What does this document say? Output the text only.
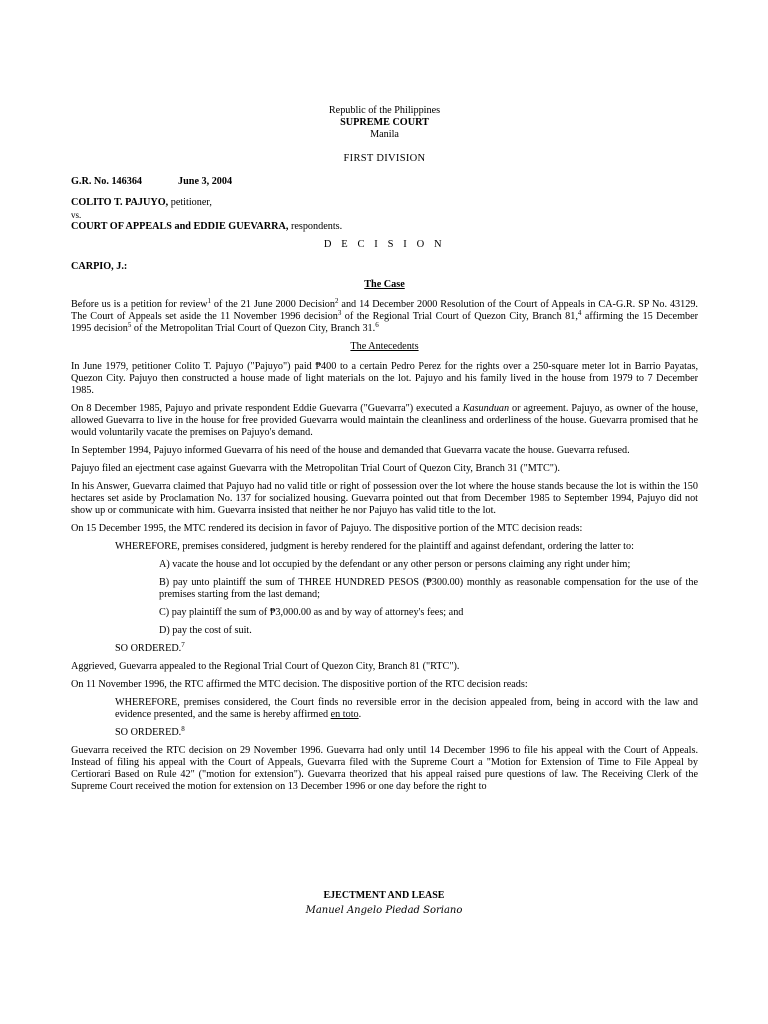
Republic of the Philippines

SUPREME COURT

Manila

FIRST DIVISION

G.R. No. 146364	June 3, 2004

COLITO T. PAJUYO, petitioner,

vs.

COURT OF APPEALS and EDDIE GUEVARRA, respondents.

D E C I S I O N

CARPIO, J.:

The Case

Before us is a petition for review$^1$ of the 21 June 2000 Decision$^2$ and 14 December 2000 Resolution of the Court of Appeals in CA-G.R. SP No. 43129. The Court of Appeals set aside the 11 November 1996 decision$^3$ of the Regional Trial Court of Quezon City, Branch 81,$^4$ affirming the 15 December 1995 decision$^5$ of the Metropolitan Trial Court of Quezon City, Branch 31.$^6$

The Antecedents

In June 1979, petitioner Colito T. Pajuyo ("Pajuyo") paid ₱400 to a certain Pedro Perez for the rights over a 250-square meter lot in Barrio Payatas, Quezon City. Pajuyo then constructed a house made of light materials on the lot. Pajuyo and his family lived in the house from 1979 to 7 December 1985.

On 8 December 1985, Pajuyo and private respondent Eddie Guevarra ("Guevarra") executed a Kasunduan or agreement. Pajuyo, as owner of the house, allowed Guevarra to live in the house for free provided Guevarra would maintain the cleanliness and orderliness of the house. Guevarra promised that he would voluntarily vacate the premises on Pajuyo's demand.

In September 1994, Pajuyo informed Guevarra of his need of the house and demanded that Guevarra vacate the house. Guevarra refused.

Pajuyo filed an ejectment case against Guevarra with the Metropolitan Trial Court of Quezon City, Branch 31 ("MTC").

In his Answer, Guevarra claimed that Pajuyo had no valid title or right of possession over the lot where the house stands because the lot is within the 150 hectares set aside by Proclamation No. 137 for socialized housing. Guevarra pointed out that from December 1985 to September 1994, Pajuyo did not show up or communicate with him. Guevarra insisted that neither he nor Pajuyo has valid title to the lot.

On 15 December 1995, the MTC rendered its decision in favor of Pajuyo. The dispositive portion of the MTC decision reads:

WHEREFORE, premises considered, judgment is hereby rendered for the plaintiff and against defendant, ordering the latter to:

A) vacate the house and lot occupied by the defendant or any other person or persons claiming any right under him;

B) pay unto plaintiff the sum of THREE HUNDRED PESOS (₱300.00) monthly as reasonable compensation for the use of the premises starting from the last demand;

C) pay plaintiff the sum of ₱3,000.00 as and by way of attorney's fees; and

D) pay the cost of suit.

SO ORDERED.$^7$

Aggrieved, Guevarra appealed to the Regional Trial Court of Quezon City, Branch 81 ("RTC").

On 11 November 1996, the RTC affirmed the MTC decision. The dispositive portion of the RTC decision reads:

WHEREFORE, premises considered, the Court finds no reversible error in the decision appealed from, being in accord with the law and evidence presented, and the same is hereby affirmed en toto.

SO ORDERED.$^8$

Guevarra received the RTC decision on 29 November 1996. Guevarra had only until 14 December 1996 to file his appeal with the Court of Appeals. Instead of filing his appeal with the Court of Appeals, Guevarra filed with the Supreme Court a "Motion for Extension of Time to File Appeal by Certiorari Based on Rule 42" ("motion for extension"). Guevarra theorized that his appeal raised pure questions of law. The Receiving Clerk of the Supreme Court received the motion for extension on 13 December 1996 or one day before the right to

EJECTMENT AND LEASE

Manuel Angelo Piedad Soriano
